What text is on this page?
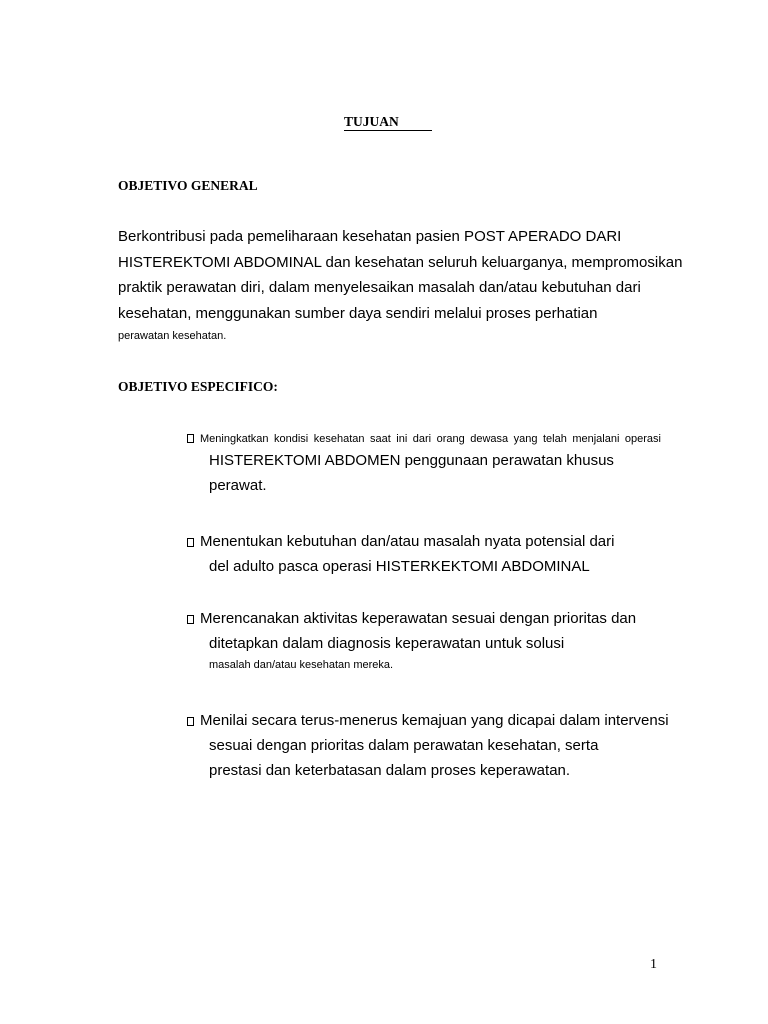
TUJUAN
OBJETIVO GENERAL
Berkontribusi pada pemeliharaan kesehatan pasien POST APERADO DARI
HISTEREKTOMI ABDOMINAL dan kesehatan seluruh keluarganya, mempromosikan
praktik perawatan diri, dalam menyelesaikan masalah dan/atau kebutuhan dari
kesehatan, menggunakan sumber daya sendiri melalui proses perhatian
perawatan kesehatan.
OBJETIVO ESPECIFICO:
Meningkatkan kondisi kesehatan saat ini dari orang dewasa yang telah menjalani operasi
HISTEREKTOMI ABDOMEN penggunaan perawatan khusus
perawat.
Menentukan kebutuhan dan/atau masalah nyata potensial dari
del adulto pasca operasi HISTERKEKTOMI ABDOMINAL
Merencanakan aktivitas keperawatan sesuai dengan prioritas dan
ditetapkan dalam diagnosis keperawatan untuk solusi
masalah dan/atau kesehatan mereka.
Menilai secara terus-menerus kemajuan yang dicapai dalam intervensi
sesuai dengan prioritas dalam perawatan kesehatan, serta
prestasi dan keterbatasan dalam proses keperawatan.
1
